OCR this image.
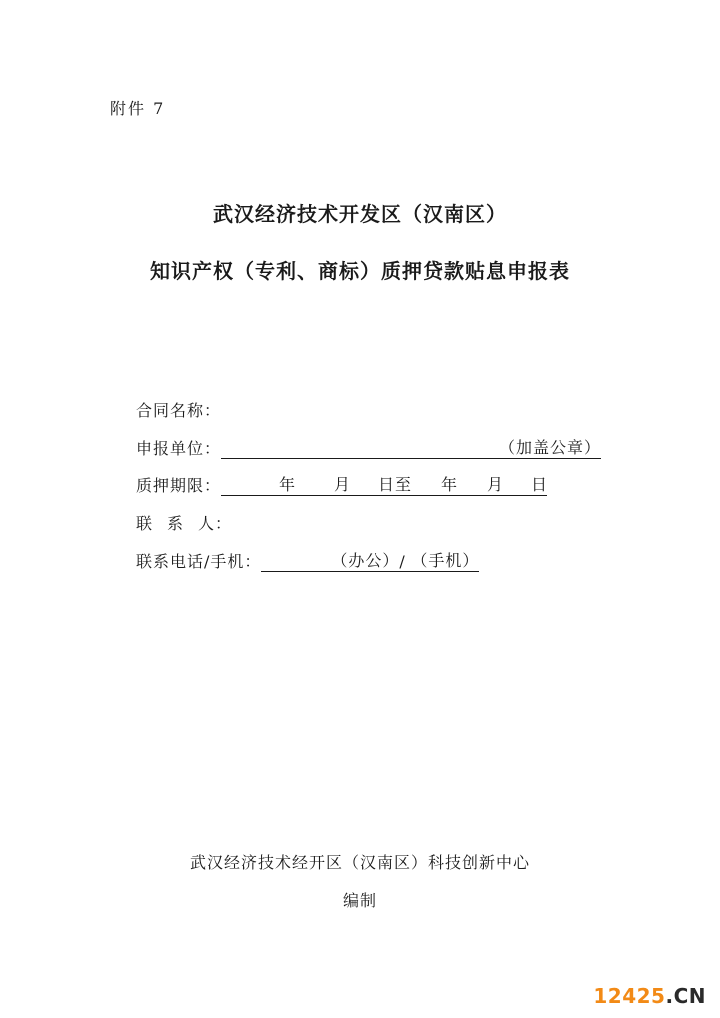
附件 7
武汉经济技术开发区（汉南区）
知识产权（专利、商标）质押贷款贴息申报表
合同名称：
申报单位：	（加盖公章）
质押期限：	年 月 日至 年 月 日
联 系 人：
联系电话/手机：	（办公） / （手机）
武汉经济技术经开区（汉南区）科技创新中心
编制
12425.CN
